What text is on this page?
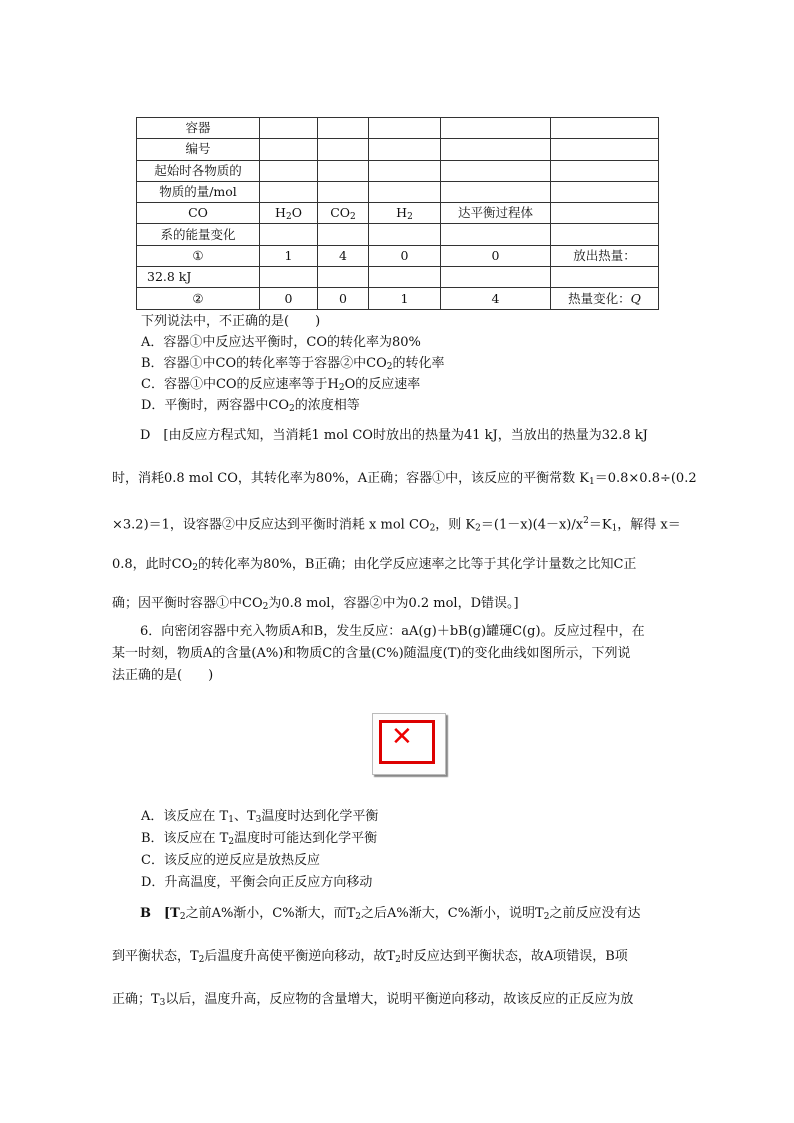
容器					
编号					
起始时各物质的					
物质的量/mol					
CO	$H_2O$	$CO_2$	$H_2$	达平衡过程体	
系的能量变化					
①	1	4	0	0	放出热量：
32.8 kJ					
②	0	0	1	4	热量变化：Q
下列说法中，不正确的是(　　)
A．容器①中反应达平衡时，CO的转化率为80%
B．容器①中CO的转化率等于容器②中$CO_2$的转化率
C．容器①中CO的反应速率等于$H_2O$的反应速率
D．平衡时，两容器中$CO_2$的浓度相等
D　[由反应方程式知，当消耗1 mol CO时放出的热量为41 kJ，当放出的热量为32.8 kJ
时，消耗0.8 mol CO，其转化率为80%，A正确；容器①中，该反应的平衡常数 $K_1=0.8\times 0.8\div(0.2$
×3.2)＝1，设容器②中反应达到平衡时消耗 x mol $CO_2$，则 $K_2=(1-x)(4-x)/x^2=K_1$，解得 x＝
0.8，此时$CO_2$的转化率为80%，B正确；由化学反应速率之比等于其化学计量数之比知C正
确；因平衡时容器①中$CO_2$为0.8 mol，容器②中为0.2 mol，D错误。]
6．向密闭容器中充入物质A和B，发生反应：aA(g)＋bB(g)罐璭C(g)。反应过程中，在
某一时刻，物质A的含量(A%)和物质C的含量(C%)随温度(T)的变化曲线如图所示，下列说
法正确的是(　　)
✕
A．该反应在 $T_1$、$T_3$温度时达到化学平衡
B．该反应在 $T_2$温度时可能达到化学平衡
C．该反应的逆反应是放热反应
D．升高温度，平衡会向正反应方向移动
B　[$T_2$之前A%渐小，C%渐大，而$T_2$之后A%渐大，C%渐小，说明$T_2$之前反应没有达
到平衡状态，$T_2$后温度升高使平衡逆向移动，故$T_2$时反应达到平衡状态，故A项错误，B项
正确；$T_3$以后，温度升高，反应物的含量增大，说明平衡逆向移动，故该反应的正反应为放
